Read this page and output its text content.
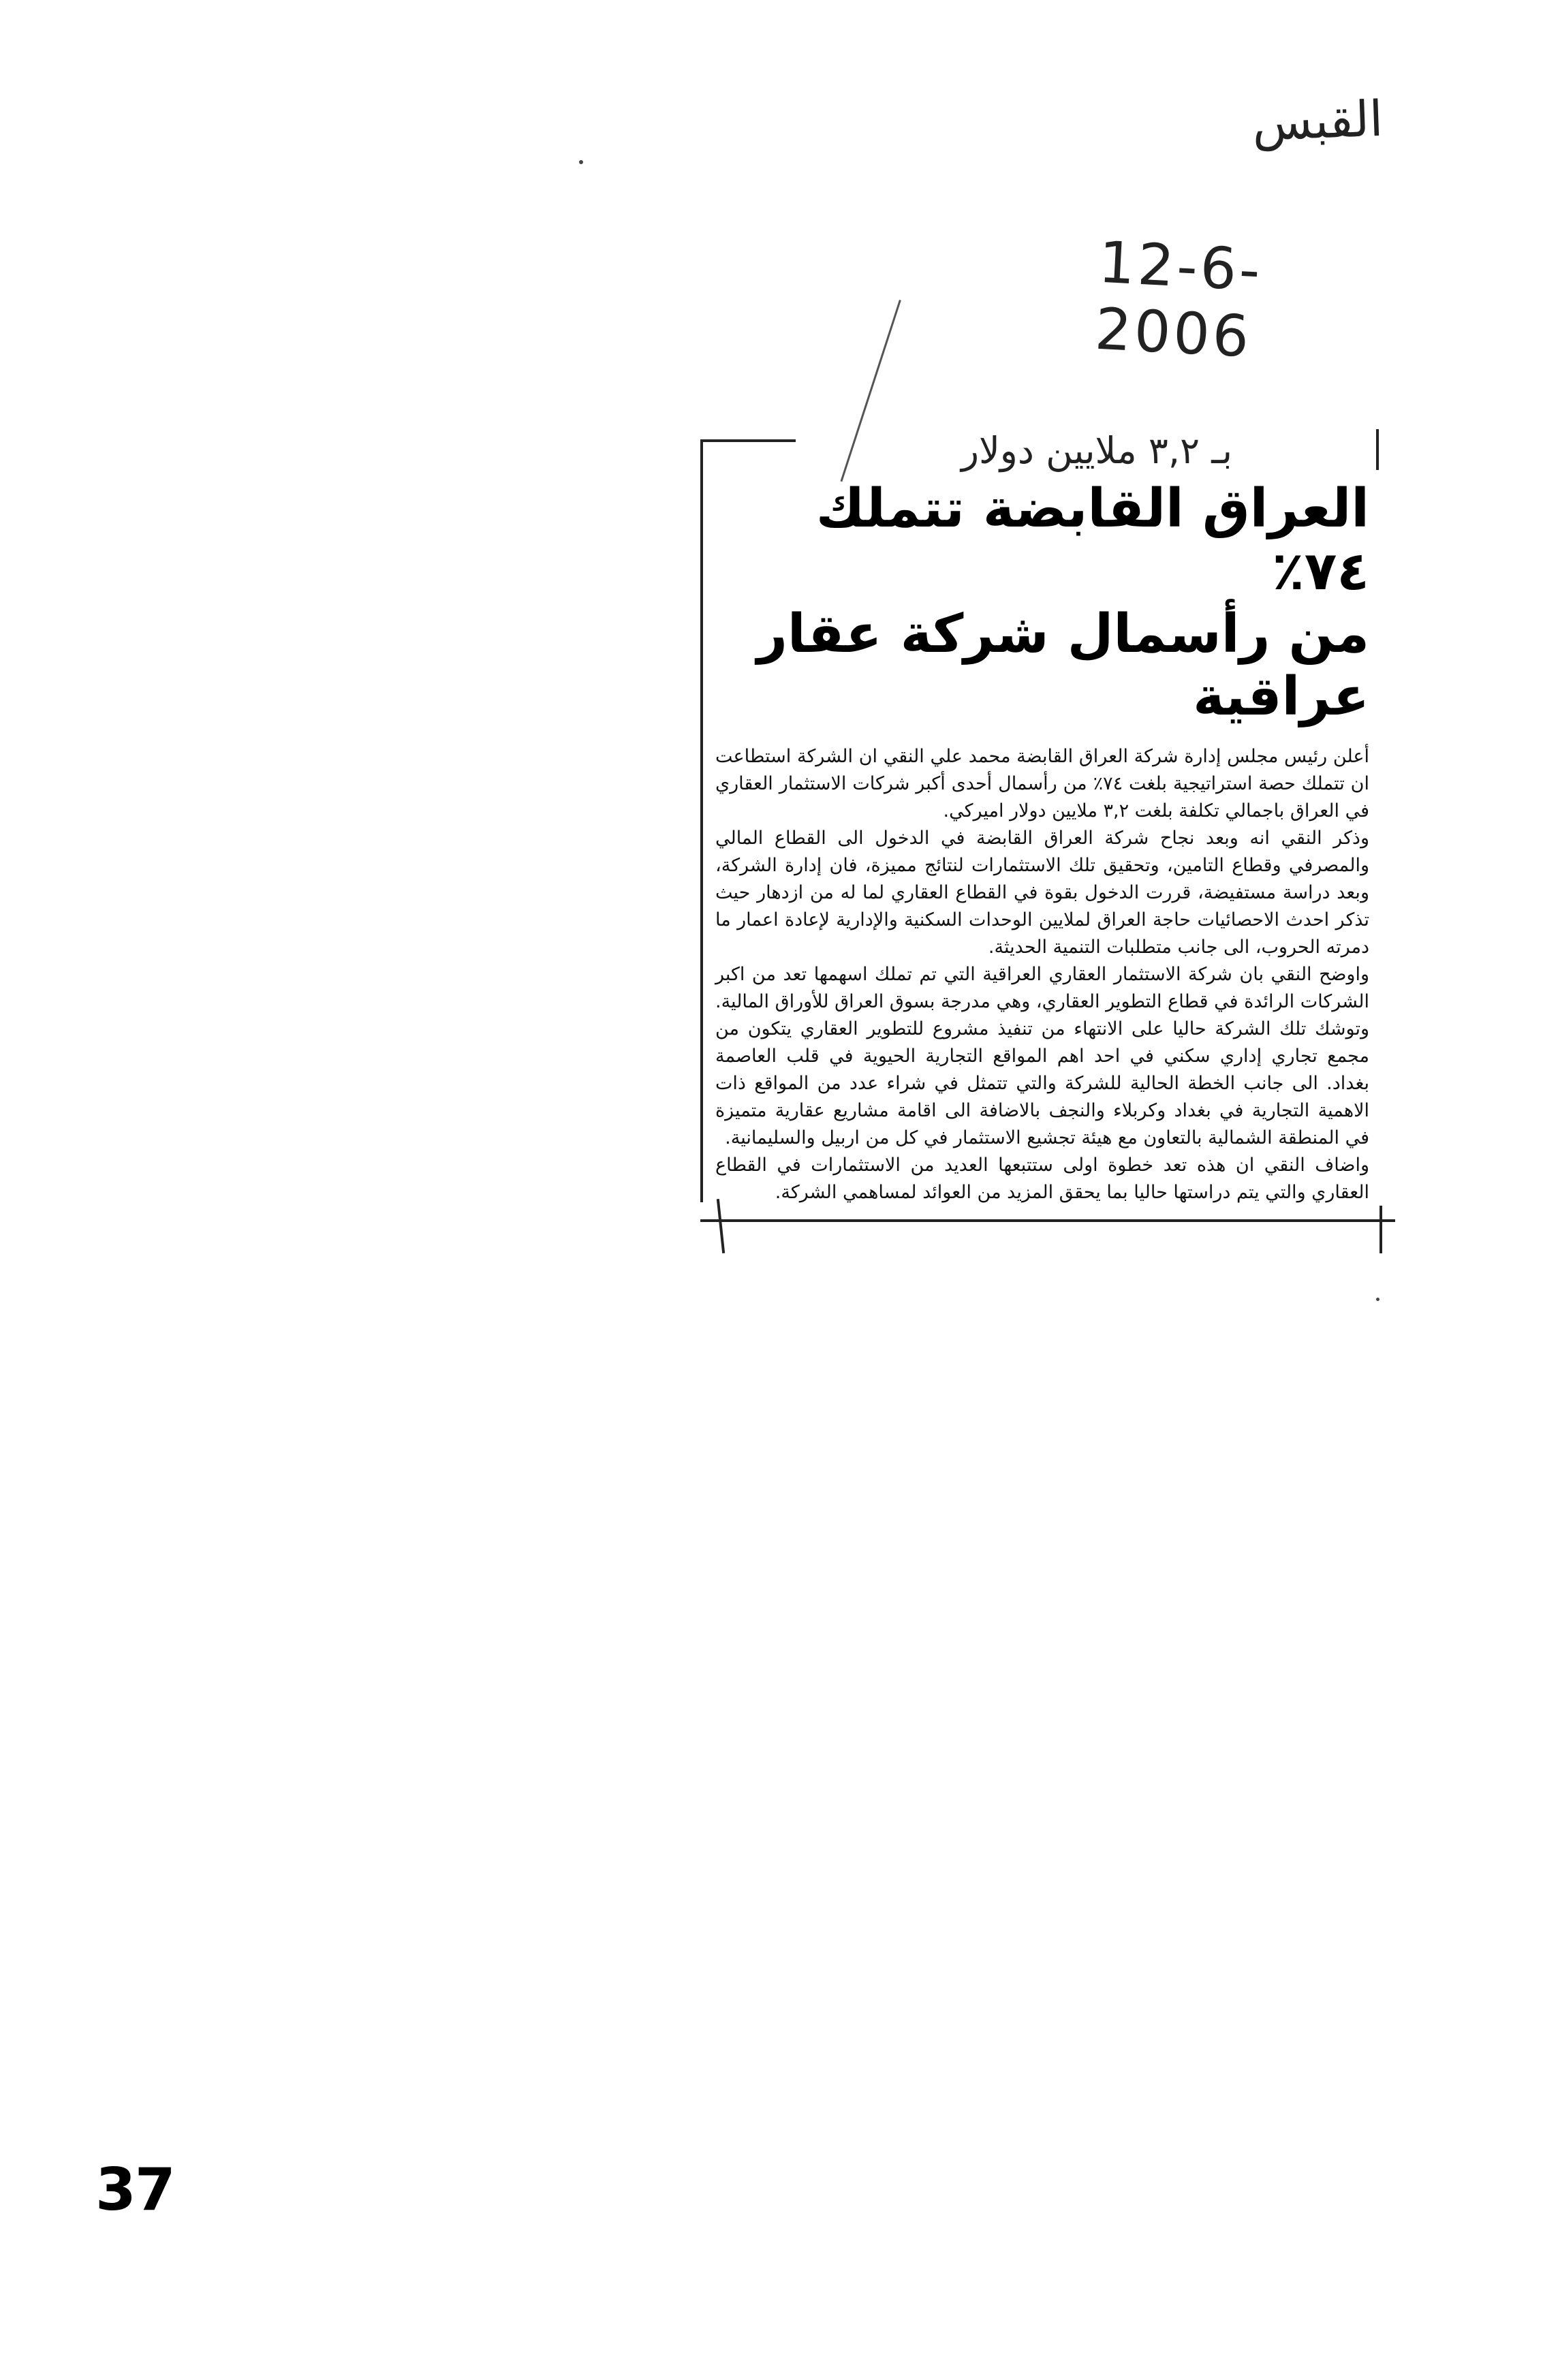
القبس
12-6-2006
بـ ٣,٢ ملايين دولار
العراق القابضة تتملك ٧٤٪
من رأسمال شركة عقار عراقية

أعلن رئيس مجلس إدارة شركة العراق القابضة محمد علي النقي ان الشركة استطاعت ان تتملك حصة استراتيجية بلغت ٧٤٪ من رأسمال أحدى أكبر شركات الاستثمار العقاري في العراق باجمالي تكلفة بلغت ٣,٢ ملايين دولار اميركي.

وذكر النقي انه وبعد نجاح شركة العراق القابضة في الدخول الى القطاع المالي والمصرفي وقطاع التامين، وتحقيق تلك الاستثمارات لنتائج مميزة، فان إدارة الشركة، وبعد دراسة مستفيضة، قررت الدخول بقوة في القطاع العقاري لما له من ازدهار حيث تذكر احدث الاحصائيات حاجة العراق لملايين الوحدات السكنية والإدارية لإعادة اعمار ما دمرته الحروب، الى جانب متطلبات التنمية الحديثة.

واوضح النقي بان شركة الاستثمار العقاري العراقية التي تم تملك اسهمها تعد من اكبر الشركات الرائدة في قطاع التطوير العقاري، وهي مدرجة بسوق العراق للأوراق المالية. وتوشك تلك الشركة حاليا على الانتهاء من تنفيذ مشروع للتطوير العقاري يتكون من مجمع تجاري إداري سكني في احد اهم المواقع التجارية الحيوية في قلب العاصمة بغداد. الى جانب الخطة الحالية للشركة والتي تتمثل في شراء عدد من المواقع ذات الاهمية التجارية في بغداد وكربلاء والنجف بالاضافة الى اقامة مشاريع عقارية متميزة في المنطقة الشمالية بالتعاون مع هيئة تجشيع الاستثمار في كل من اربيل والسليمانية.

واضاف النقي ان هذه تعد خطوة اولى ستتبعها العديد من الاستثمارات في القطاع العقاري والتي يتم دراستها حاليا بما يحقق المزيد من العوائد لمساهمي الشركة.

37
